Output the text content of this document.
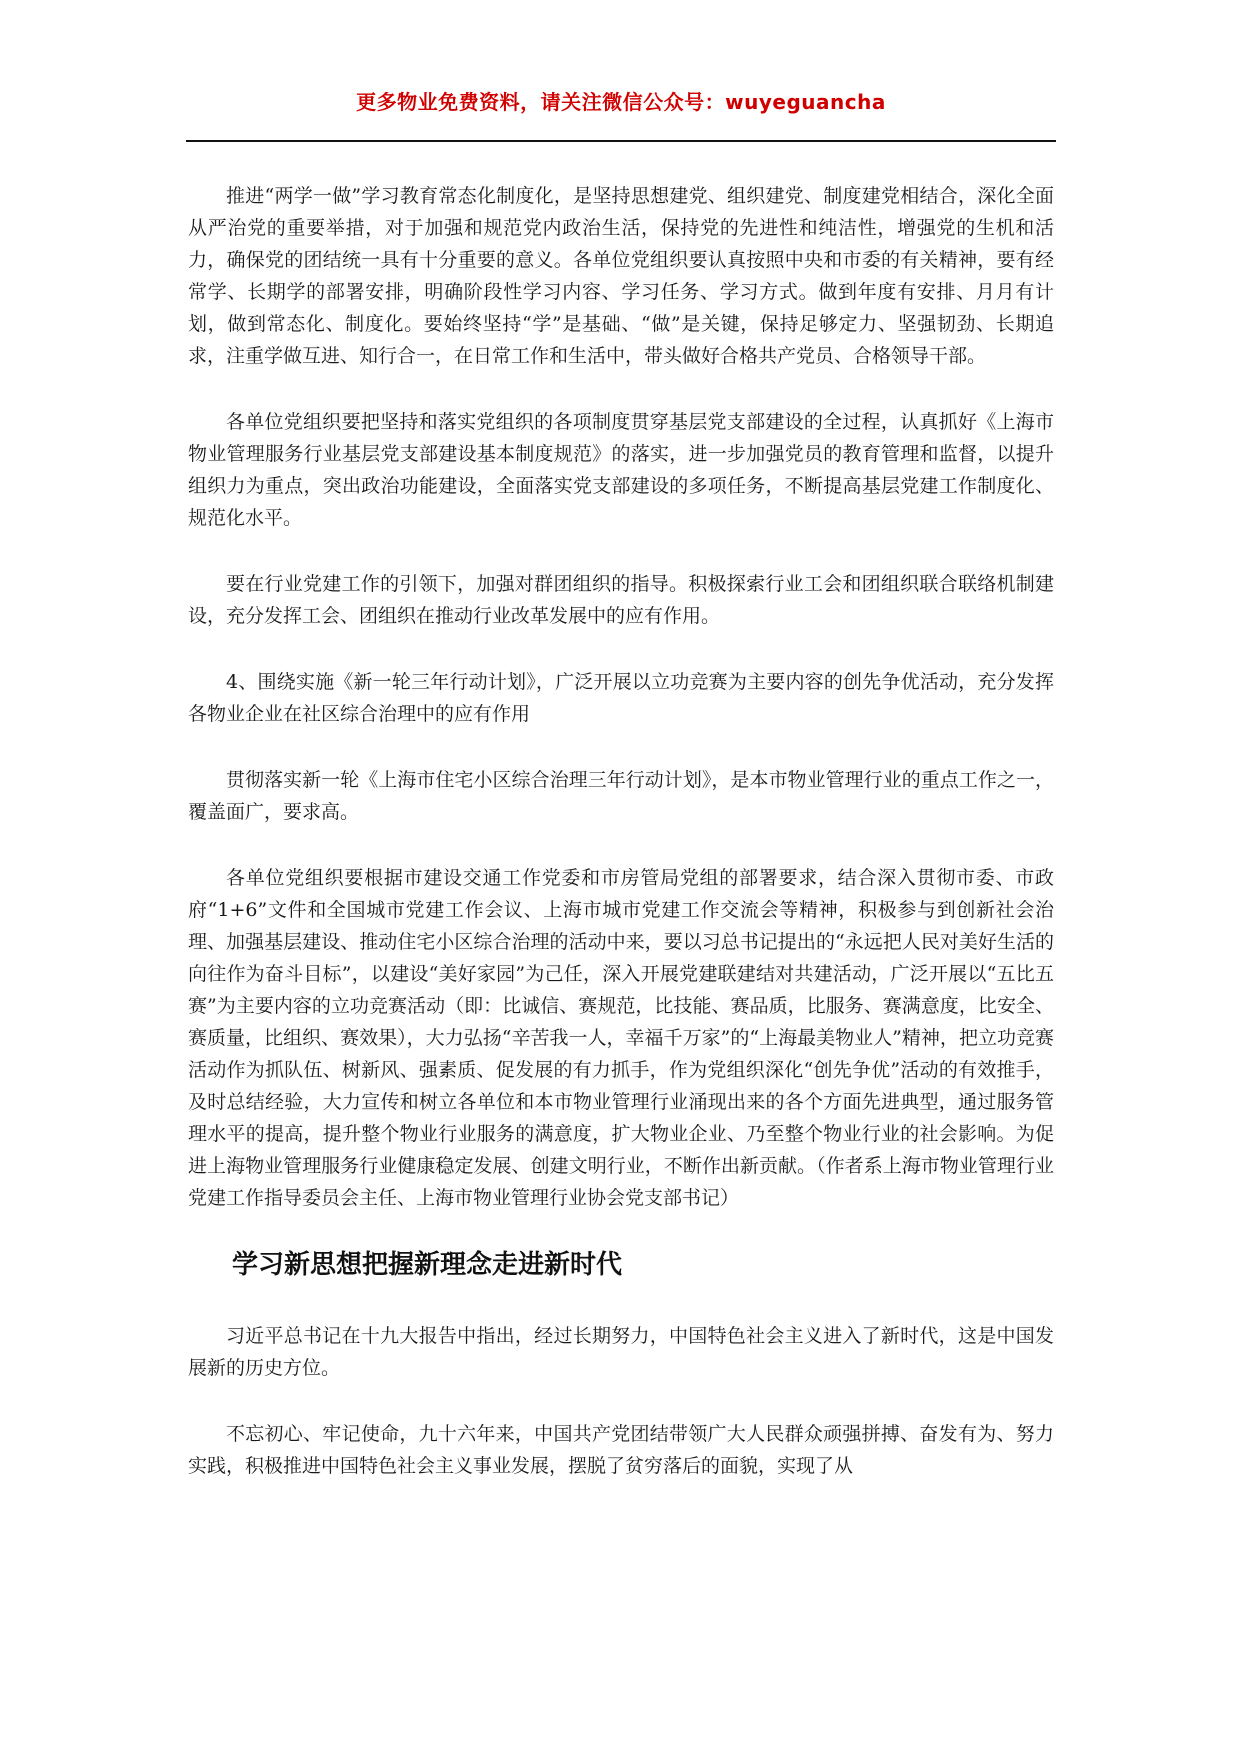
更多物业免费资料，请关注微信公众号：wuyeguancha

推进“两学一做”学习教育常态化制度化，是坚持思想建党、组织建党、制度建党相结合，深化全面从严治党的重要举措，对于加强和规范党内政治生活，保持党的先进性和纯洁性，增强党的生机和活力，确保党的团结统一具有十分重要的意义。各单位党组织要认真按照中央和市委的有关精神，要有经常学、长期学的部署安排，明确阶段性学习内容、学习任务、学习方式。做到年度有安排、月月有计划，做到常态化、制度化。要始终坚持“学”是基础、“做”是关键，保持足够定力、坚强韧劲、长期追求，注重学做互进、知行合一，在日常工作和生活中，带头做好合格共产党员、合格领导干部。

各单位党组织要把坚持和落实党组织的各项制度贯穿基层党支部建设的全过程，认真抓好《上海市物业管理服务行业基层党支部建设基本制度规范》的落实，进一步加强党员的教育管理和监督，以提升组织力为重点，突出政治功能建设，全面落实党支部建设的多项任务，不断提高基层党建工作制度化、规范化水平。

要在行业党建工作的引领下，加强对群团组织的指导。积极探索行业工会和团组织联合联络机制建设，充分发挥工会、团组织在推动行业改革发展中的应有作用。

4、围绕实施《新一轮三年行动计划》，广泛开展以立功竞赛为主要内容的创先争优活动，充分发挥各物业企业在社区综合治理中的应有作用

贯彻落实新一轮《上海市住宅小区综合治理三年行动计划》，是本市物业管理行业的重点工作之一，覆盖面广，要求高。

各单位党组织要根据市建设交通工作党委和市房管局党组的部署要求，结合深入贯彻市委、市政府“1+6”文件和全国城市党建工作会议、上海市城市党建工作交流会等精神，积极参与到创新社会治理、加强基层建设、推动住宅小区综合治理的活动中来，要以习总书记提出的“永远把人民对美好生活的向往作为奋斗目标”，以建设“美好家园”为己任，深入开展党建联建结对共建活动，广泛开展以“五比五赛”为主要内容的立功竞赛活动（即：比诚信、赛规范，比技能、赛品质，比服务、赛满意度，比安全、赛质量，比组织、赛效果），大力弘扬“辛苦我一人，幸福千万家”的“上海最美物业人”精神，把立功竞赛活动作为抓队伍、树新风、强素质、促发展的有力抓手，作为党组织深化“创先争优”活动的有效推手，及时总结经验，大力宣传和树立各单位和本市物业管理行业涌现出来的各个方面先进典型，通过服务管理水平的提高，提升整个物业行业服务的满意度，扩大物业企业、乃至整个物业行业的社会影响。为促进上海物业管理服务行业健康稳定发展、创建文明行业，不断作出新贡献。（作者系上海市物业管理行业党建工作指导委员会主任、上海市物业管理行业协会党支部书记）

学习新思想把握新理念走进新时代

习近平总书记在十九大报告中指出，经过长期努力，中国特色社会主义进入了新时代，这是中国发展新的历史方位。

不忘初心、牢记使命，九十六年来，中国共产党团结带领广大人民群众顽强拼搏、奋发有为、努力实践，积极推进中国特色社会主义事业发展，摆脱了贫穷落后的面貌，实现了从
